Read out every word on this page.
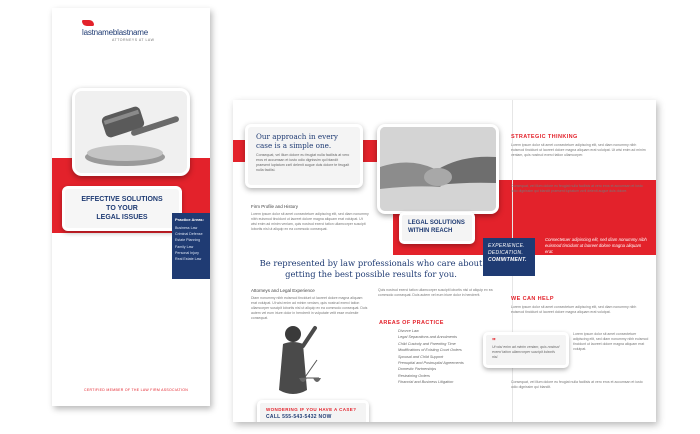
lastnameblastname
ATTORNEYS AT LAW
EFFECTIVE SOLUTIONS
TO YOUR
LEGAL ISSUES	Practice Areas:
Business Law
Criminal Defense
Estate Planning
Family Law
Personal Injury
Real Estate Law
CERTIFIED MEMBER OF THE LAW FIRM ASSOCIATION
Our approach in every case is a simple one.
Consequat, vel illum dolore eu feugiat nulla facilisis at vero eros et accumsan et iusto odio dignissim qui blandit praesent luptatum zzril delenit augue duis dolore te feugait nulla facilisi.
Firm Profile and History
Lorem ipsum dolor sit amet consectetuer adipiscing elit, sed diam nonummy nibh euismod tincidunt ut laoreet dolore magna aliquam erat volutpat. Ut wisi enim ad minim veniam, quis nostrud exerci tation ullamcorper suscipit lobortis nisl ut aliquip ex ea commodo consequat.
LEGAL SOLUTIONS
WITHIN REACH
EXPERIENCE.
DEDICATION.
COMMITMENT.
Consectetuer adipiscing elit, sed diam nonummy nibh euismod tincidunt ut laoreet dolore magna aliquam erat.
Be represented by law professionals who care about getting the best possible results for you.
Attorneys and Legal Experience
Diam nonummy nibh euismod tincidunt ut laoreet dolore magna aliquam erat volutpat. Ut wisi enim ad minim veniam, quis nostrud exerci tation ullamcorper suscipit lobortis nisl ut aliquip ex ea commodo consequat. Duis autem vel eum iriure dolor in hendrerit in vulputate velit esse molestie consequat.
Quis nostrud exerci tation ullamcorper suscipit lobortis nisl ut aliquip ex ea commodo consequat. Duis autem vel eum iriure dolor in hendrerit.
AREAS OF PRACTICE
Divorce Law
Legal Separations and Annulments
Child Custody and Parenting Time
Modifications of Existing Court Orders
Spousal and Child Support
Prenuptial and Postnuptial Agreements
Domestic Partnerships
Restraining Orders
Financial and Business Litigation
WONDERING IF YOU HAVE A CASE?
CALL 555-543-5432 NOW
STRATEGIC THINKING
Lorem ipsum dolor sit amet consectetuer adipiscing elit, sed diam nonummy nibh euismod tincidunt ut laoreet dolore magna aliquam erat volutpat. Ut wisi enim ad minim veniam, quis nostrud exerci tation ullamcorper.
Consequat, vel illum dolore eu feugiat nulla facilisis at vero eros et accumsan et iusto odio dignissim qui blandit praesent luptatum zzril delenit augue duis dolore.
WE CAN HELP
Lorem ipsum dolor sit amet consectetuer adipiscing elit, sed diam nonummy nibh euismod tincidunt ut laoreet dolore magna aliquam erat volutpat.
"
Ut wisi enim ad minim veniam, quis nostrud exerci tation ullamcorper suscipit lobortis nisl.
Lorem ipsum dolor sit amet consectetuer adipiscing elit, sed diam nonummy nibh euismod tincidunt ut laoreet dolore magna aliquam erat volutpat.
Consequat, vel illum dolore eu feugiat nulla facilisis at vero eros et accumsan et iusto odio dignissim qui blandit.
